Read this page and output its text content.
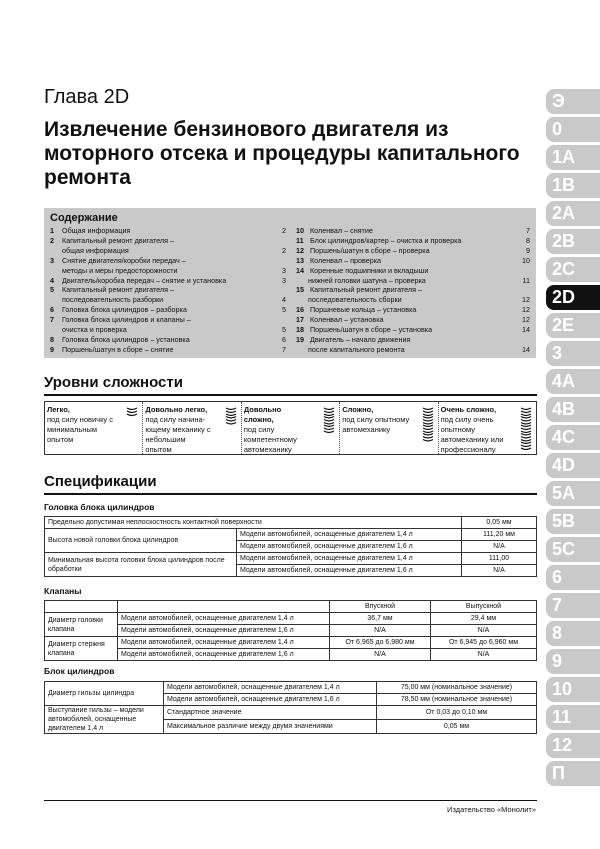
Глава 2D
Извлечение бензинового двигателя из моторного отсека и процедуры капитального ремонта
Содержание
1	Общая информация	2
2	Капитальный ремонт двигателя –
общая информация	2
3	Снятие двигателя/коробки передач –
методы и меры предосторожности	3
4	Двигатель/коробка передач – снятие и установка	3
5	Капитальный ремонт двигателя –
последовательность разборки	4
6	Головка блока цилиндров – разборка	5
7	Головка блока цилиндров и клапаны –
очистка и проверка	5
8	Головка блока цилиндров – установка	6
9	Поршень/шатун в сборе – снятие	7
10 Коленвал – снятие	7
11 Блок цилиндров/картер – очистка и проверка	8
12 Поршень/шатун в сборе – проверка	9
13 Коленвал – проверка	10
14 Коренные подшипники и вкладыши
нижней головки шатуна – проверка	11
15 Капитальный ремонт двигателя –
последовательность сборки	12
16 Поршневые кольца – установка	12
17 Коленвал – установка	12
18 Поршень/шатун в сборе – установка	14
19 Двигатель – начало движения
после капитального ремонта	14
Уровни сложности
Легко,
под силу новичку с минимальным опытом
Довольно легко,
под силу начина- ющему механику с небольшим опытом
Довольно сложно,
под силу компетентному автомеханику
Сложно,
под силу опытному автомеханику
Очень сложно,
под силу очень опытному автомеханику или профессионалу
Спецификации
Головка блока цилиндров
Предельно допустимая неплоскостность контактной поверхности		0,05 мм
Высота новой головки блока цилиндров	Модели автомобилей, оснащенные двигателем 1,4 л	111,20 мм
	Модели автомобилей, оснащенные двигателем 1,6 л	N/A
Минимальная высота головки блока цилиндров после обработки	Модели автомобилей, оснащенные двигателем 1,4 л	111,00
	Модели автомобилей, оснащенные двигателем 1,6 л	N/A
Клапаны
		Впускной	Выпускной
Диаметр головки клапана	Модели автомобилей, оснащенные двигателем 1,4 л	36,7 мм	29,4 мм
	Модели автомобилей, оснащенные двигателем 1,6 л	N/A	N/A
Диаметр стержня клапана	Модели автомобилей, оснащенные двигателем 1,4 л	От 6,965 до 6,980 мм	От 6,945 до 6,960 мм
	Модели автомобилей, оснащенные двигателем 1,6 л	N/A	N/A
Блок цилиндров
Диаметр гильзы цилиндра	Модели автомобилей, оснащенные двигателем 1,4 л	75,00 мм (номинальное значение)
	Модели автомобилей, оснащенные двигателем 1,6 л	78,50 мм (номинальное значение)
Выступание гильзы – модели автомобилей, оснащенные двигателем 1,4 л	Стандартное значение	От 0,03 до 0,10 мм
	Максимальное различие между двумя значениями	0,05 мм
Издательство «Монолит»
Э
0
1A
1B
2A
2B
2C
2D
2E
3
4A
4B
4C
4D
5A
5B
5C
6
7
8
9
10
11
12
П
